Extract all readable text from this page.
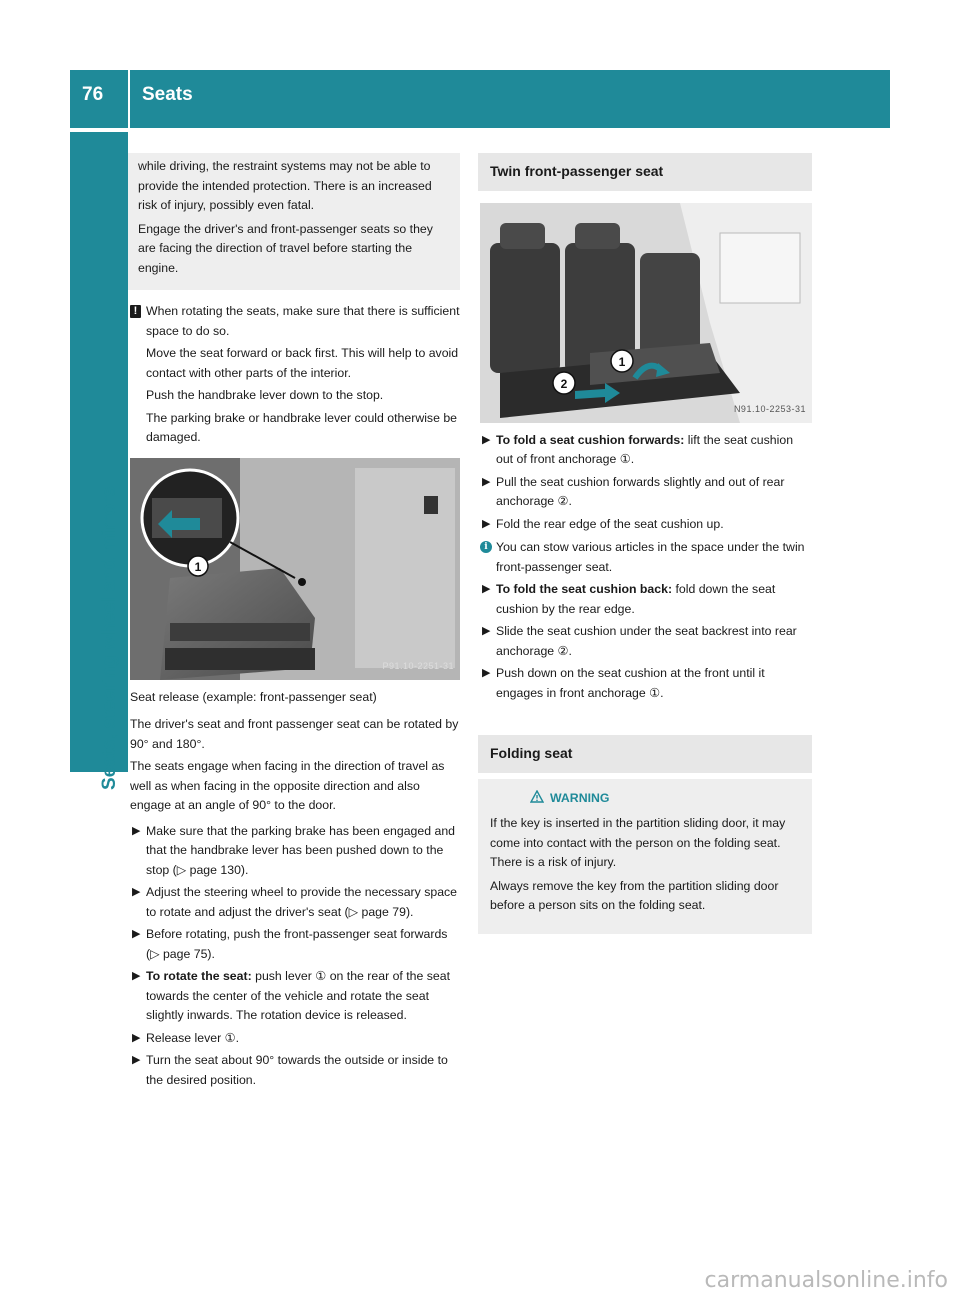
76 Seats
Seats, steering wheel and mirrors

while driving, the restraint systems may not be able to provide the intended protection. There is an increased risk of injury, possibly even fatal.

Engage the driver's and front-passenger seats so they are facing the direction of travel before starting the engine.

! When rotating the seats, make sure that there is sufficient space to do so.

Move the seat forward or back first. This will help to avoid contact with other parts of the interior.

Push the handbrake lever down to the stop.

The parking brake or handbrake lever could otherwise be damaged.

1
P91.10-2251-31

Seat release (example: front-passenger seat)

The driver's seat and front passenger seat can be rotated by 90° and 180°.

The seats engage when facing in the direction of travel as well as when facing in the opposite direction and also engage at an angle of 90° to the door.

▶ Make sure that the parking brake has been engaged and that the handbrake lever has been pushed down to the stop (▷ page 130).
▶ Adjust the steering wheel to provide the necessary space to rotate and adjust the driver's seat (▷ page 79).
▶ Before rotating, push the front-passenger seat forwards (▷ page 75).
▶ To rotate the seat: push lever ① on the rear of the seat towards the center of the vehicle and rotate the seat slightly inwards. The rotation device is released.
▶ Release lever ①.
▶ Turn the seat about 90° towards the outside or inside to the desired position.
Twin front-passenger seat
1
2
N91.10-2253-31
▶ To fold a seat cushion forwards: lift the seat cushion out of front anchorage ①.
▶ Pull the seat cushion forwards slightly and out of rear anchorage ②.
▶ Fold the rear edge of the seat cushion up.
i You can stow various articles in the space under the twin front-passenger seat.

▶ To fold the seat cushion back: fold down the seat cushion by the rear edge.
▶ Slide the seat cushion under the seat backrest into rear anchorage ②.
▶ Push down on the seat cushion at the front until it engages in front anchorage ①.
Folding seat
WARNING

If the key is inserted in the partition sliding door, it may come into contact with the person on the folding seat. There is a risk of injury.

Always remove the key from the partition sliding door before a person sits on the folding seat.

carmanualsonline.info
